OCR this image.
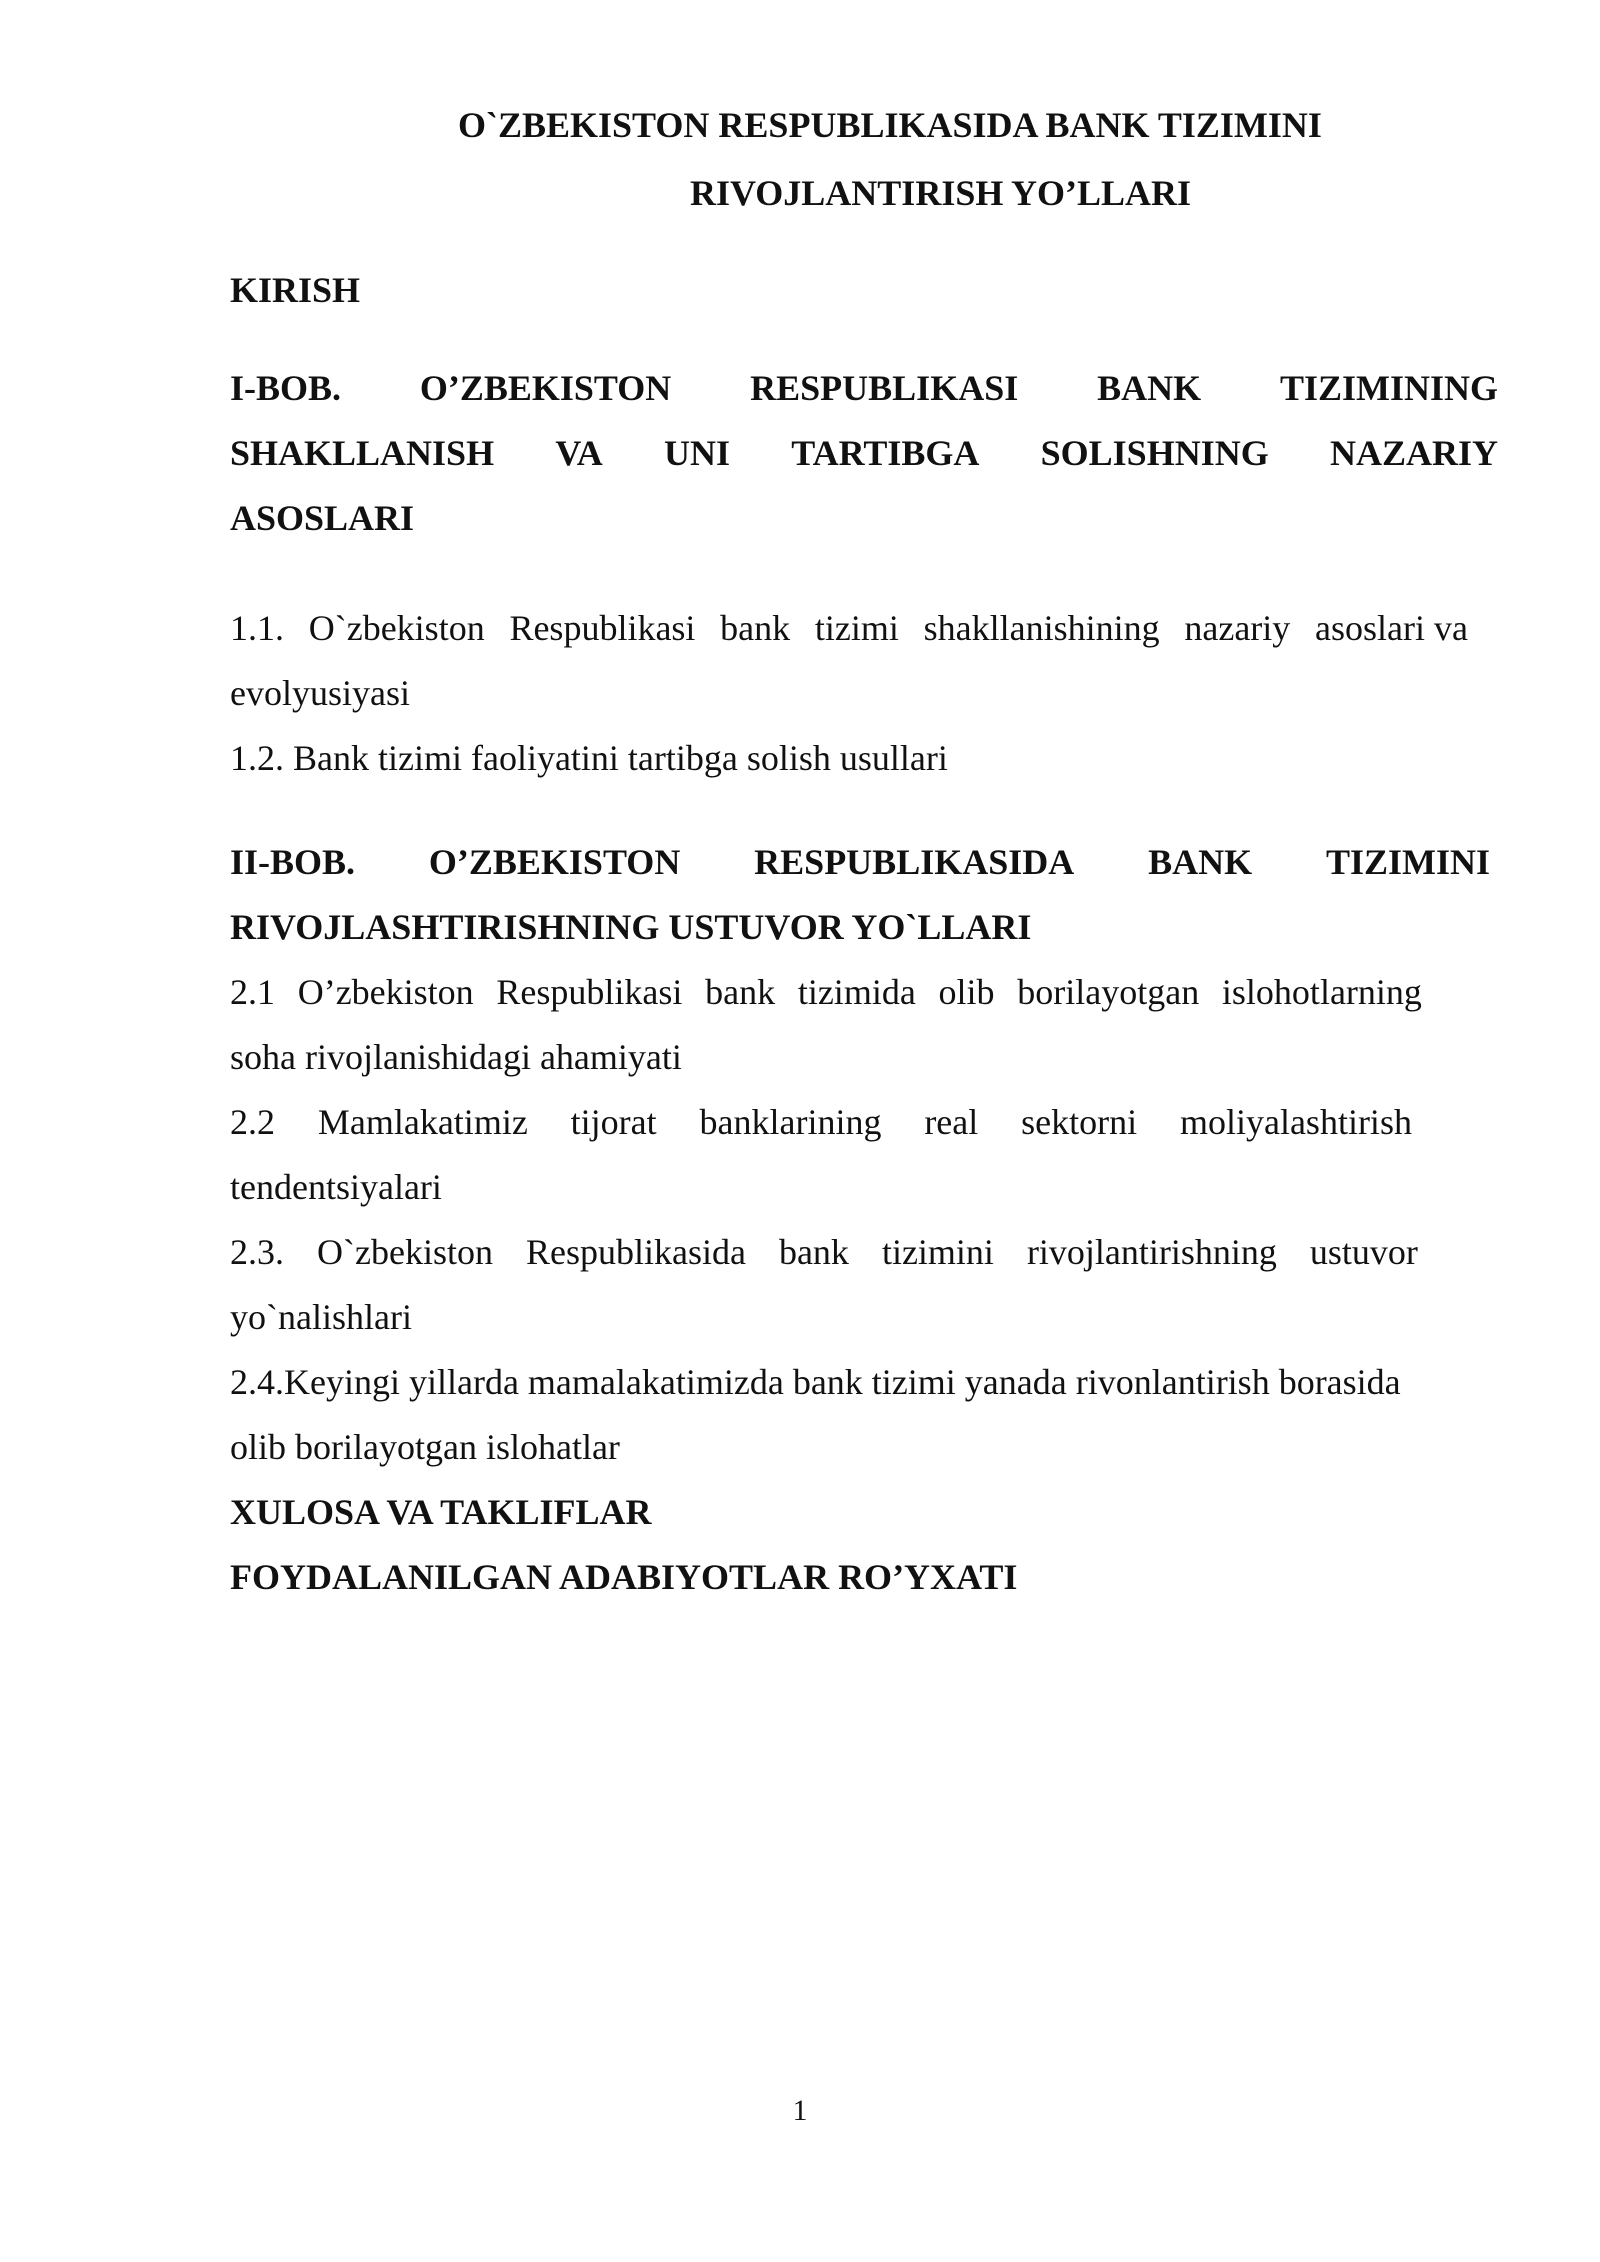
O`ZBEKISTON RESPUBLIKASIDA BANK TIZIMINI
RIVOJLANTIRISH YO’LLARI
KIRISH
I-BOB. O’ZBEKISTON RESPUBLIKASI BANK TIZIMINING
SHAKLLANISH VA UNI TARTIBGA SOLISHNING NAZARIY
ASOSLARI
1.1. O`zbekiston Respublikasi bank tizimi shakllanishining nazariy asoslari va
evolyusiyasi
1.2. Bank tizimi faoliyatini tartibga solish usullari
II-BOB. O’ZBEKISTON RESPUBLIKASIDA BANK TIZIMINI
RIVOJLASHTIRISHNING USTUVOR YO`LLARI
2.1 O’zbekiston Respublikasi bank tizimida olib borilayotgan islohotlarning
soha rivojlanishidagi ahamiyati
2.2 Mamlakatimiz tijorat banklarining real sektorni moliyalashtirish
tendentsiyalari
2.3. O`zbekiston Respublikasida bank tizimini rivojlantirishning ustuvor
yo`nalishlari
2.4.Keyingi yillarda mamalakatimizda bank tizimi yanada rivonlantirish borasida
olib borilayotgan islohatlar
XULOSA VA TAKLIFLAR
FOYDALANILGAN ADABIYOTLAR RO’YXATI
1
